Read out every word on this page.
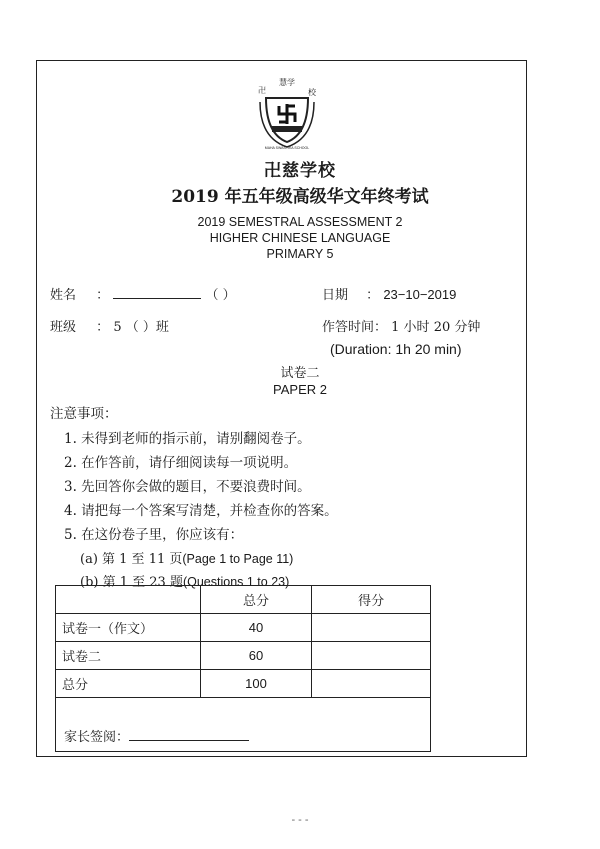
慧学
卍	校
MAHA SWASTIKA SCHOOL
卍慈学校
2019 年五年级高级华文年终考试
2019 SEMESTRAL ASSESSMENT 2
HIGHER CHINESE LANGUAGE
PRIMARY 5
姓名 ：	（ ）	日期 ： 23−10−2019
班级 ： 5 （ ）班	作答时间： 1 小时 20 分钟
(Duration: 1h 20 min)
试卷二
PAPER 2
注意事项：
1. 未得到老师的指示前，请别翻阅卷子。
2. 在作答前，请仔细阅读每一项说明。
3. 先回答你会做的题目，不要浪费时间。
4. 请把每一个答案写清楚，并检查你的答案。
5. 在这份卷子里，你应该有：
(a) 第 1 至 11 页(Page 1 to Page 11)
(b) 第 1 至 23 题(Questions 1 to 23)
	总分	得分
试卷一（作文）	40	
试卷二	60	
总分	100	
家长签阅：
- - -
